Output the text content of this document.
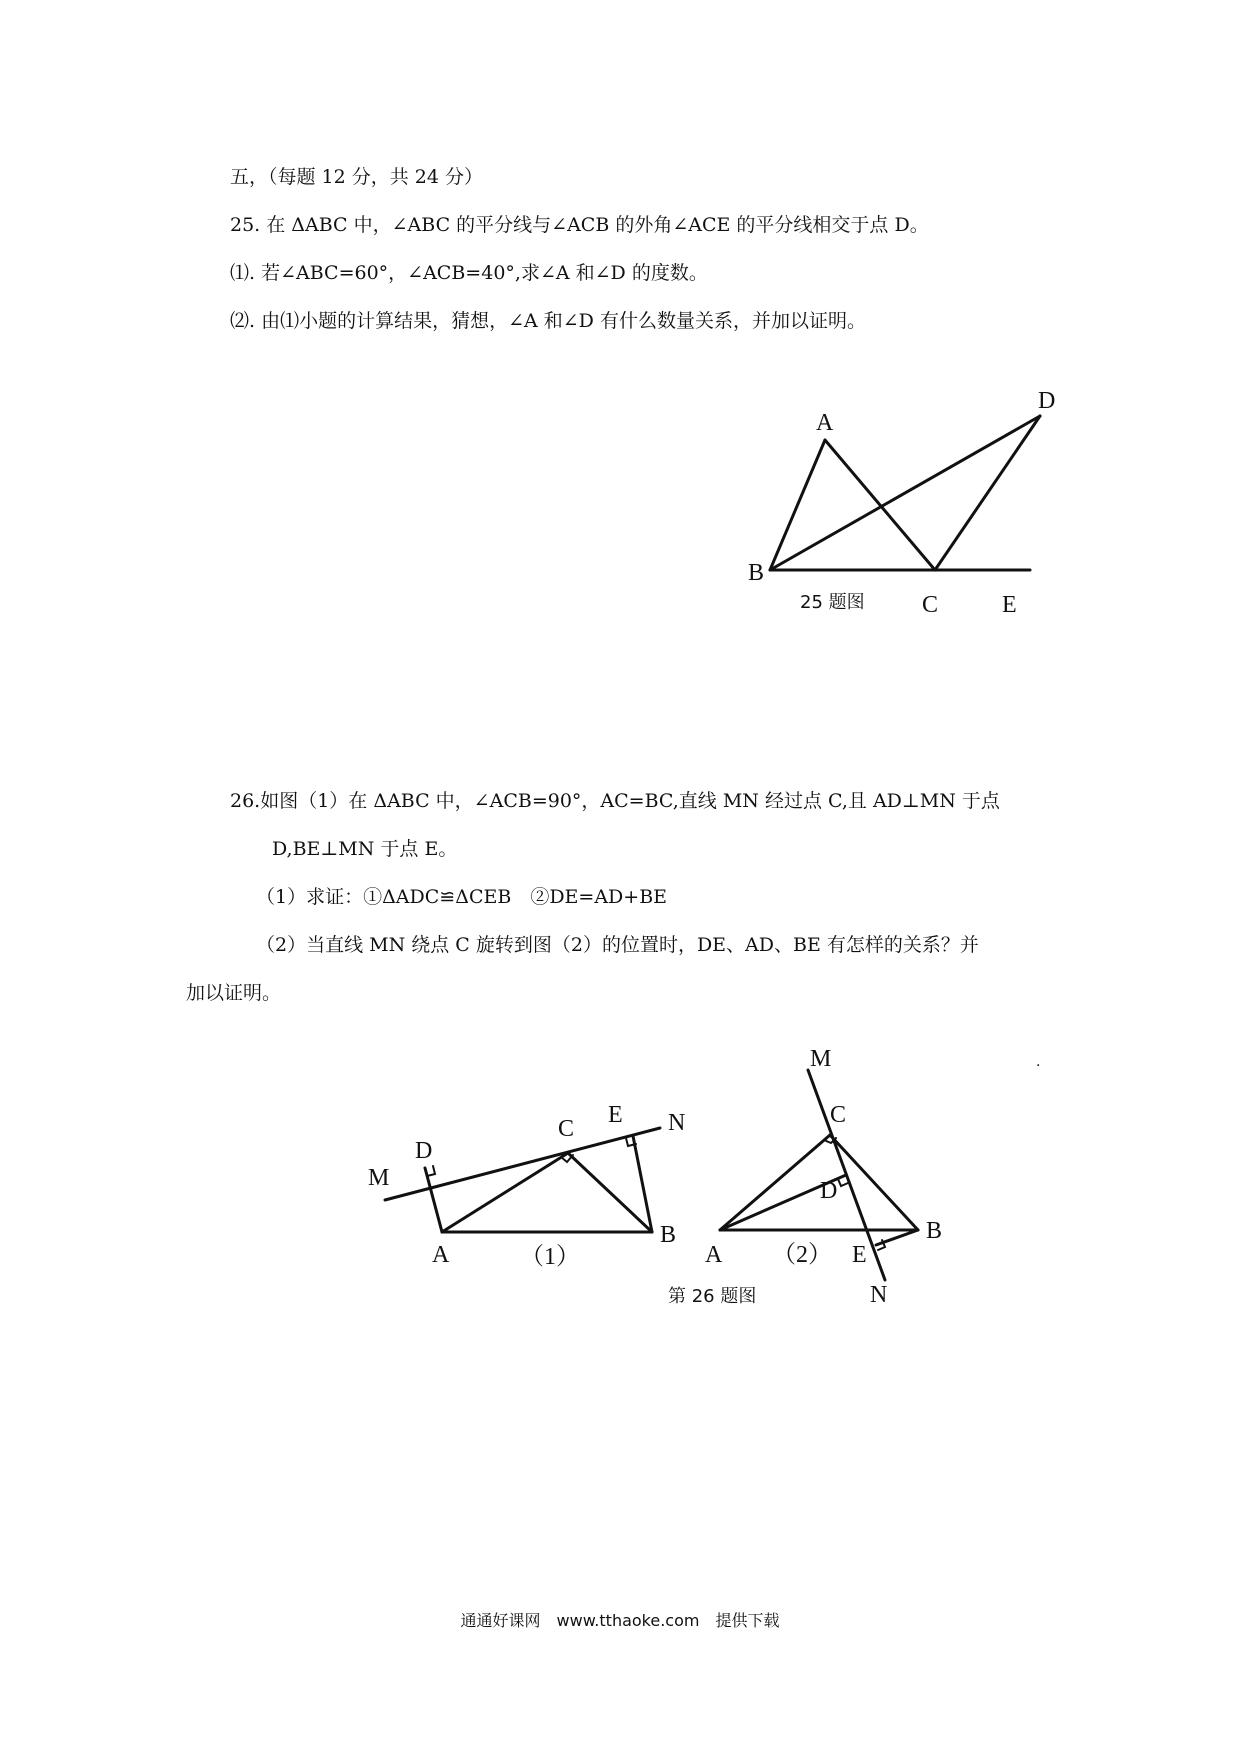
五，（每题 12 分，共 24 分）
25. 在 ΔABC 中，∠ABC 的平分线与∠ACB 的外角∠ACE 的平分线相交于点 D。
⑴. 若∠ABC=60°，∠ACB=40°,求∠A 和∠D 的度数。
⑵. 由⑴小题的计算结果，猜想，∠A 和∠D 有什么数量关系，并加以证明。
A
D
B
C	E
25 题图
26.如图（1）在 ΔABC 中，∠ACB=90°，AC=BC,直线 MN 经过点 C,且 AD⊥MN 于点
D,BE⊥MN 于点 E。
（1）求证：①ΔADC≌ΔCEB　②DE=AD+BE
（2）当直线 MN 绕点 C 旋转到图（2）的位置时，DE、AD、BE 有怎样的关系？并
加以证明。
M
D
C
E N
A
B
（1）
M
C
D
A
B
E
N
（2）
.
第 26 题图
通通好课网　www.tthaoke.com　提供下载
